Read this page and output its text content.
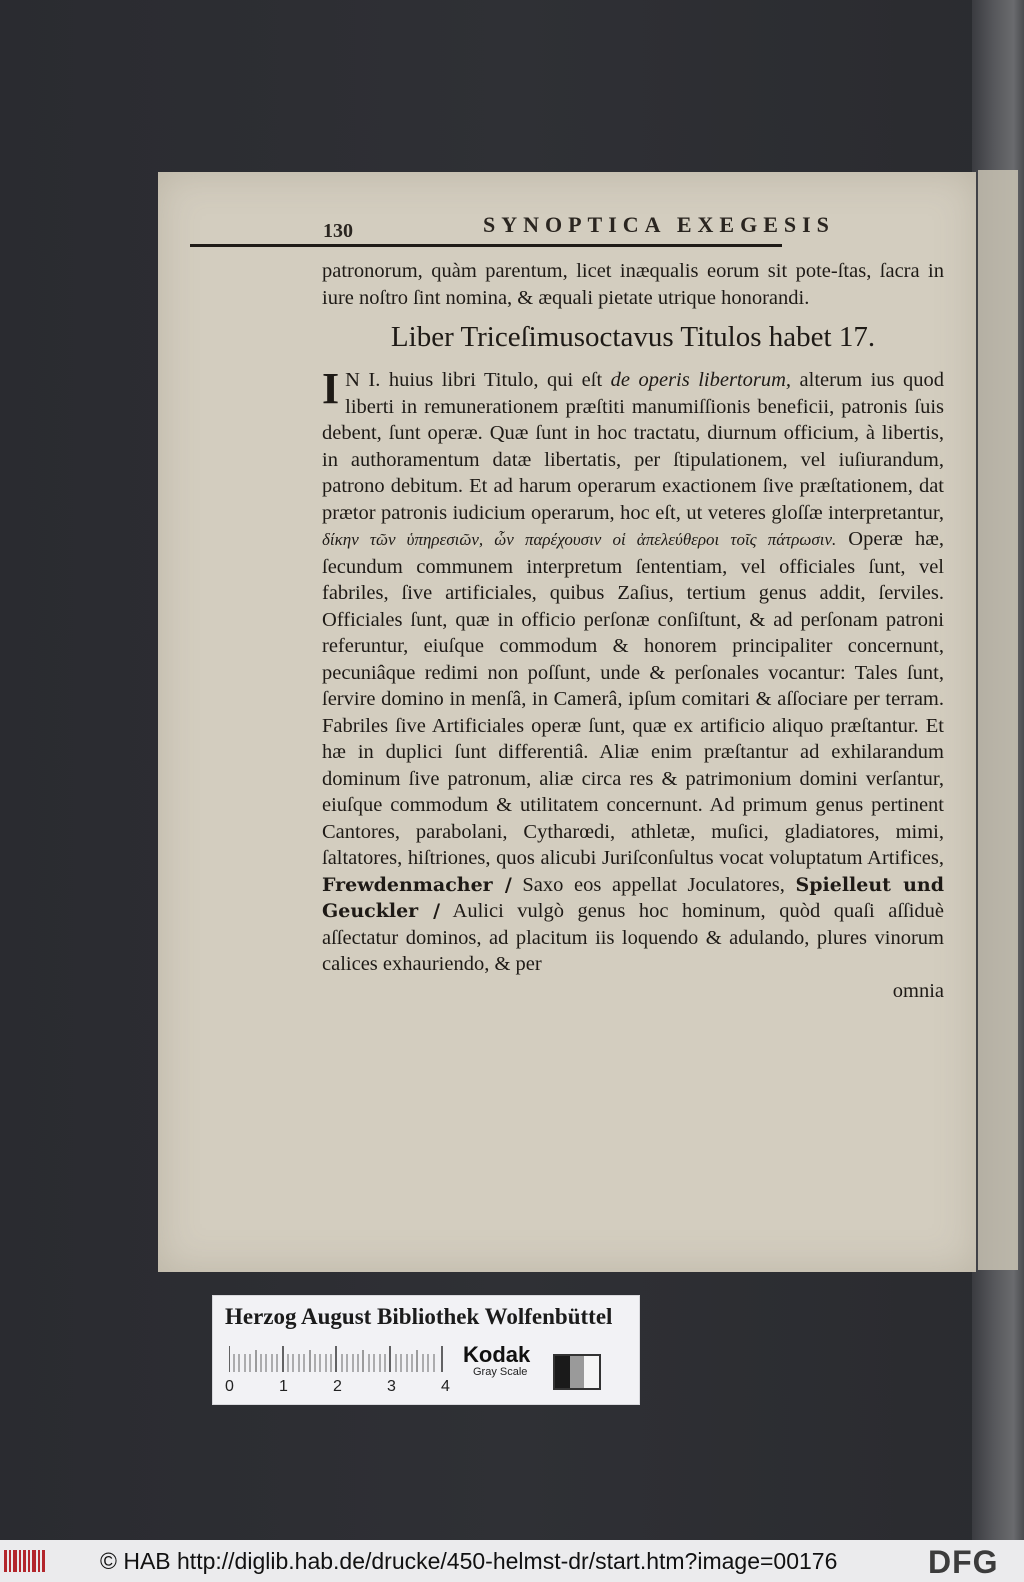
130	SYNOPTICA EXEGESIS

patronorum, quàm parentum, licet inæqualis eorum sit pote-ſtas, ſacra in iure noſtro ſint nomina, & æquali pietate utrique honorandi.

Liber Triceſimusoctavus Titulos habet 17.

I N I. huius libri Titulo, qui eſt de operis libertorum, alterum ius quod liberti in remunerationem præſtiti manumiſſionis beneficii, patronis ſuis debent, ſunt operæ. Quæ ſunt in hoc tractatu, diurnum officium, à libertis, in authoramentum datæ libertatis, per ſtipulationem, vel iuſiurandum, patrono debitum. Et ad harum operarum exactionem ſive præſtationem, dat prætor patronis iudicium operarum, hoc eſt, ut veteres gloſſæ interpretantur, δίκην τῶν ὑπηρεσιῶν, ὧν παρέχουσιν οἱ ἀπελεύθεροι τοῖς πάτρωσιν. Operæ hæ, ſecundum communem interpretum ſententiam, vel officiales ſunt, vel fabriles, ſive artificiales, quibus Zaſius, tertium genus addit, ſerviles. Officiales ſunt, quæ in officio perſonæ conſiſtunt, & ad perſonam patroni referuntur, eiuſque commodum & honorem principaliter concernunt, pecuniâque redimi non poſſunt, unde & perſonales vocantur: Tales ſunt, ſervire domino in menſâ, in Camerâ, ipſum comitari & aſſociare per terram. Fabriles ſive Artificiales operæ ſunt, quæ ex artificio aliquo præſtantur. Et hæ in duplici ſunt differentiâ. Aliæ enim præſtantur ad exhilarandum dominum ſive patronum, aliæ circa res & patrimonium domini verſantur, eiuſque commodum & utilitatem concernunt. Ad primum genus pertinent Cantores, parabolani, Cytharœdi, athletæ, muſici, gladiatores, mimi, ſaltatores, hiſtriones, quos alicubi Juriſconſultus vocat voluptatum Artifices, Frewdenmacher / Saxo eos appellat Joculatores, Spielleut und Geuckler / Aulici vulgò genus hoc hominum, quòd quaſi aſſiduè aſſectatur dominos, ad placitum iis loquendo & adulando, plures vinorum calices exhauriendo, & per

omnia

Herzog August Bibliothek Wolfenbüttel
0	1	2	3	4
Kodak
Gray Scale
© HAB http://diglib.hab.de/drucke/450-helmst-dr/start.htm?image=00176	DFG
